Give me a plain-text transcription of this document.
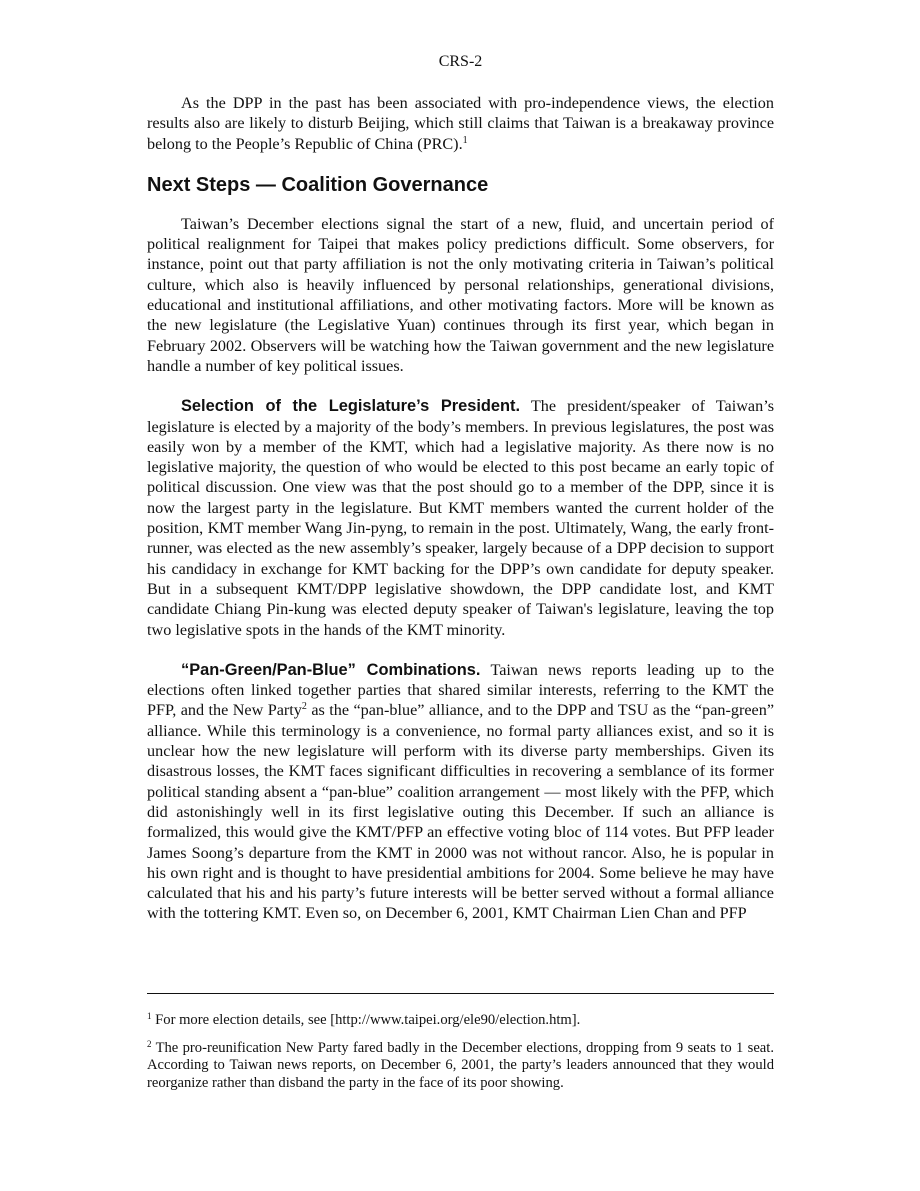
CRS-2

As the DPP in the past has been associated with pro-independence views, the election results also are likely to disturb Beijing, which still claims that Taiwan is a breakaway province belong to the People’s Republic of China (PRC).$^1$

Next Steps — Coalition Governance

Taiwan’s December elections signal the start of a new, fluid, and uncertain period of political realignment for Taipei that makes policy predictions difficult. Some observers, for instance, point out that party affiliation is not the only motivating criteria in Taiwan’s political culture, which also is heavily influenced by personal relationships, generational divisions, educational and institutional affiliations, and other motivating factors. More will be known as the new legislature (the Legislative Yuan) continues through its first year, which began in February 2002. Observers will be watching how the Taiwan government and the new legislature handle a number of key political issues.

Selection of the Legislature’s President. The president/speaker of Taiwan’s legislature is elected by a majority of the body’s members. In previous legislatures, the post was easily won by a member of the KMT, which had a legislative majority. As there now is no legislative majority, the question of who would be elected to this post became an early topic of political discussion. One view was that the post should go to a member of the DPP, since it is now the largest party in the legislature. But KMT members wanted the current holder of the position, KMT member Wang Jin-pyng, to remain in the post. Ultimately, Wang, the early front-runner, was elected as the new assembly’s speaker, largely because of a DPP decision to support his candidacy in exchange for KMT backing for the DPP’s own candidate for deputy speaker. But in a subsequent KMT/DPP legislative showdown, the DPP candidate lost, and KMT candidate Chiang Pin-kung was elected deputy speaker of Taiwan's legislature, leaving the top two legislative spots in the hands of the KMT minority.

“Pan-Green/Pan-Blue” Combinations. Taiwan news reports leading up to the elections often linked together parties that shared similar interests, referring to the KMT the PFP, and the New Party$^2$ as the “pan-blue” alliance, and to the DPP and TSU as the “pan-green” alliance. While this terminology is a convenience, no formal party alliances exist, and so it is unclear how the new legislature will perform with its diverse party memberships. Given its disastrous losses, the KMT faces significant difficulties in recovering a semblance of its former political standing absent a “pan-blue” coalition arrangement — most likely with the PFP, which did astonishingly well in its first legislative outing this December. If such an alliance is formalized, this would give the KMT/PFP an effective voting bloc of 114 votes. But PFP leader James Soong’s departure from the KMT in 2000 was not without rancor. Also, he is popular in his own right and is thought to have presidential ambitions for 2004. Some believe he may have calculated that his and his party’s future interests will be better served without a formal alliance with the tottering KMT. Even so, on December 6, 2001, KMT Chairman Lien Chan and PFP

$^1$ For more election details, see [http://www.taipei.org/ele90/election.htm].

$^2$ The pro-reunification New Party fared badly in the December elections, dropping from 9 seats to 1 seat. According to Taiwan news reports, on December 6, 2001, the party’s leaders announced that they would reorganize rather than disband the party in the face of its poor showing.
